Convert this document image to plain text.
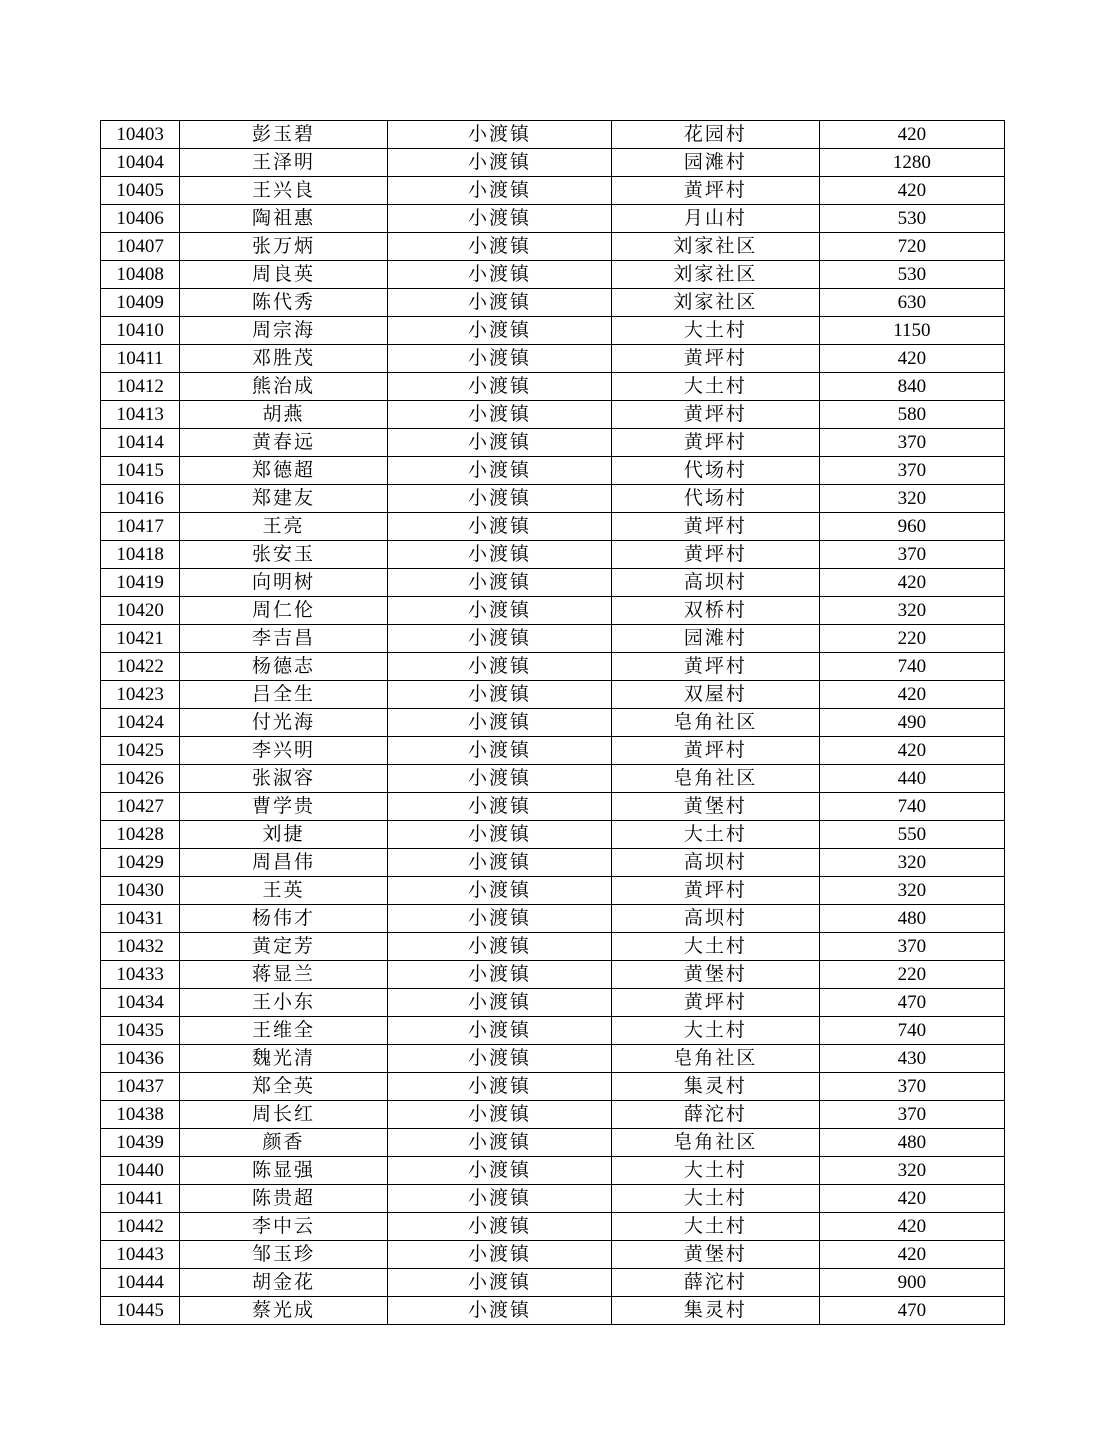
10403	彭玉碧	小渡镇	花园村	420
10404	王泽明	小渡镇	园滩村	1280
10405	王兴良	小渡镇	黄坪村	420
10406	陶祖惠	小渡镇	月山村	530
10407	张万炳	小渡镇	刘家社区	720
10408	周良英	小渡镇	刘家社区	530
10409	陈代秀	小渡镇	刘家社区	630
10410	周宗海	小渡镇	大土村	1150
10411	邓胜茂	小渡镇	黄坪村	420
10412	熊治成	小渡镇	大土村	840
10413	胡燕	小渡镇	黄坪村	580
10414	黄春远	小渡镇	黄坪村	370
10415	郑德超	小渡镇	代场村	370
10416	郑建友	小渡镇	代场村	320
10417	王亮	小渡镇	黄坪村	960
10418	张安玉	小渡镇	黄坪村	370
10419	向明树	小渡镇	高坝村	420
10420	周仁伦	小渡镇	双桥村	320
10421	李吉昌	小渡镇	园滩村	220
10422	杨德志	小渡镇	黄坪村	740
10423	吕全生	小渡镇	双屋村	420
10424	付光海	小渡镇	皂角社区	490
10425	李兴明	小渡镇	黄坪村	420
10426	张淑容	小渡镇	皂角社区	440
10427	曹学贵	小渡镇	黄堡村	740
10428	刘捷	小渡镇	大土村	550
10429	周昌伟	小渡镇	高坝村	320
10430	王英	小渡镇	黄坪村	320
10431	杨伟才	小渡镇	高坝村	480
10432	黄定芳	小渡镇	大土村	370
10433	蒋显兰	小渡镇	黄堡村	220
10434	王小东	小渡镇	黄坪村	470
10435	王维全	小渡镇	大土村	740
10436	魏光清	小渡镇	皂角社区	430
10437	郑全英	小渡镇	集灵村	370
10438	周长红	小渡镇	薛沱村	370
10439	颜香	小渡镇	皂角社区	480
10440	陈显强	小渡镇	大土村	320
10441	陈贵超	小渡镇	大土村	420
10442	李中云	小渡镇	大土村	420
10443	邹玉珍	小渡镇	黄堡村	420
10444	胡金花	小渡镇	薛沱村	900
10445	蔡光成	小渡镇	集灵村	470
